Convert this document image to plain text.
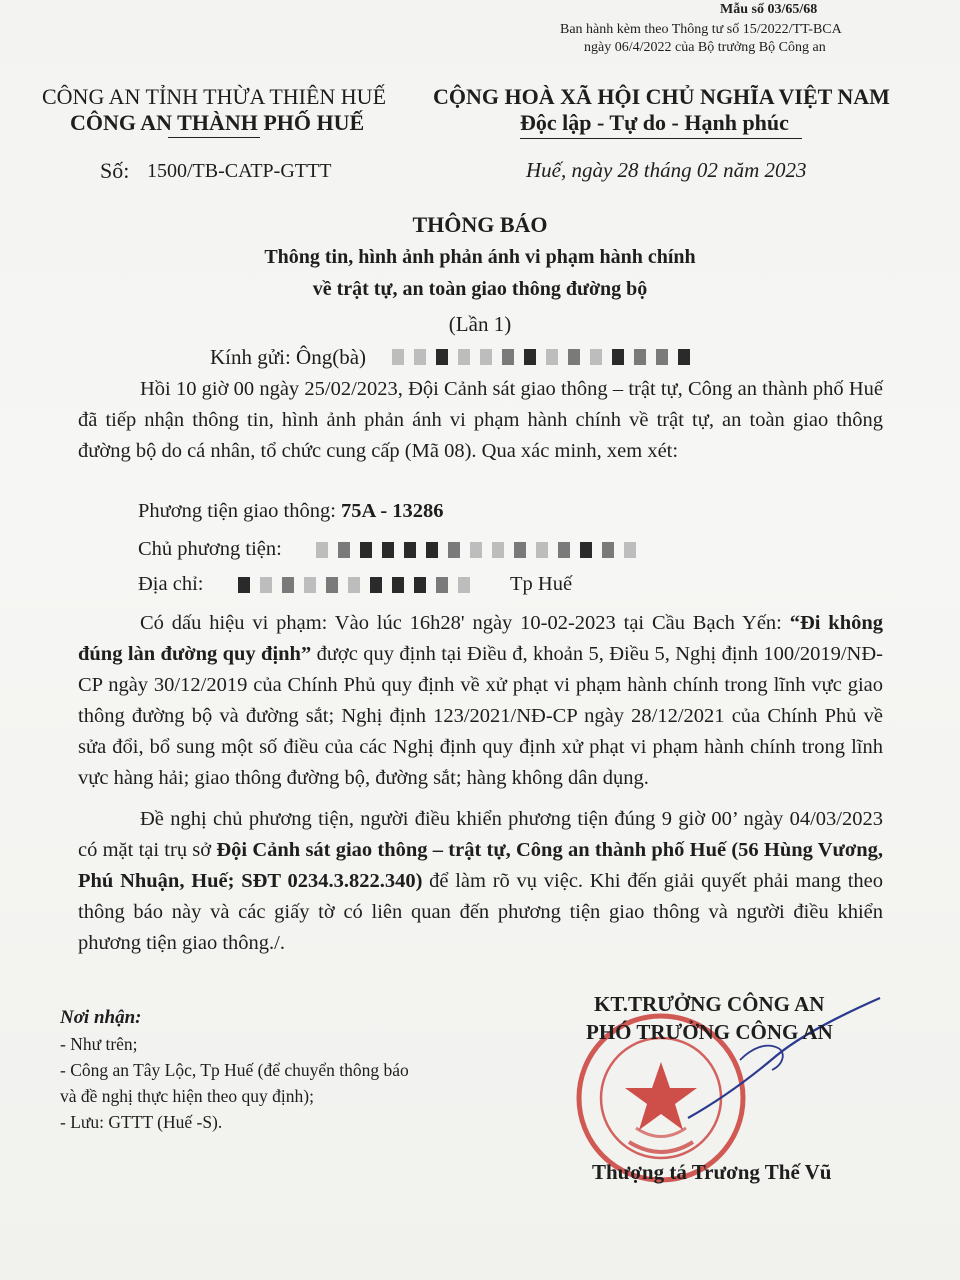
Mẫu số 03/65/68
Ban hành kèm theo Thông tư số 15/2022/TT-BCA
ngày 06/4/2022 của Bộ trưởng Bộ Công an
CÔNG AN TỈNH THỪA THIÊN HUẾ
CÔNG AN THÀNH PHỐ HUẾ
CỘNG HOÀ XÃ HỘI CHỦ NGHĨA VIỆT NAM
Độc lập - Tự do - Hạnh phúc
Số: 1500/TB-CATP-GTTT	Huế, ngày 28 tháng 02 năm 2023
THÔNG BÁO
Thông tin, hình ảnh phản ánh vi phạm hành chính
về trật tự, an toàn giao thông đường bộ
(Lần 1)
Kính gửi: Ông(bà)
Hồi 10 giờ 00 ngày 25/02/2023, Đội Cảnh sát giao thông – trật tự, Công an thành phố Huế đã tiếp nhận thông tin, hình ảnh phản ánh vi phạm hành chính về trật tự, an toàn giao thông đường bộ do cá nhân, tổ chức cung cấp (Mã 08). Qua xác minh, xem xét:
Phương tiện giao thông: 75A - 13286
Chủ phương tiện:
Địa chỉ:	Tp Huế
Có dấu hiệu vi phạm: Vào lúc 16h28' ngày 10-02-2023 tại Cầu Bạch Yến: “Đi không đúng làn đường quy định” được quy định tại Điều đ, khoản 5, Điều 5, Nghị định 100/2019/NĐ-CP ngày 30/12/2019 của Chính Phủ quy định về xử phạt vi phạm hành chính trong lĩnh vực giao thông đường bộ và đường sắt; Nghị định 123/2021/NĐ-CP ngày 28/12/2021 của Chính Phủ về sửa đổi, bổ sung một số điều của các Nghị định quy định xử phạt vi phạm hành chính trong lĩnh vực hàng hải; giao thông đường bộ, đường sắt; hàng không dân dụng.
Đề nghị chủ phương tiện, người điều khiển phương tiện đúng 9 giờ 00’ ngày 04/03/2023 có mặt tại trụ sở Đội Cảnh sát giao thông – trật tự, Công an thành phố Huế (56 Hùng Vương, Phú Nhuận, Huế; SĐT 0234.3.822.340) để làm rõ vụ việc. Khi đến giải quyết phải mang theo thông báo này và các giấy tờ có liên quan đến phương tiện giao thông và người điều khiển phương tiện giao thông./.
Nơi nhận:
- Như trên;
- Công an Tây Lộc, Tp Huế (để chuyển thông báo
và đề nghị thực hiện theo quy định);
- Lưu: GTTT (Huế -S).
KT.TRƯỞNG CÔNG AN
PHÓ TRƯỞNG CÔNG AN
Thượng tá Trương Thế Vũ
